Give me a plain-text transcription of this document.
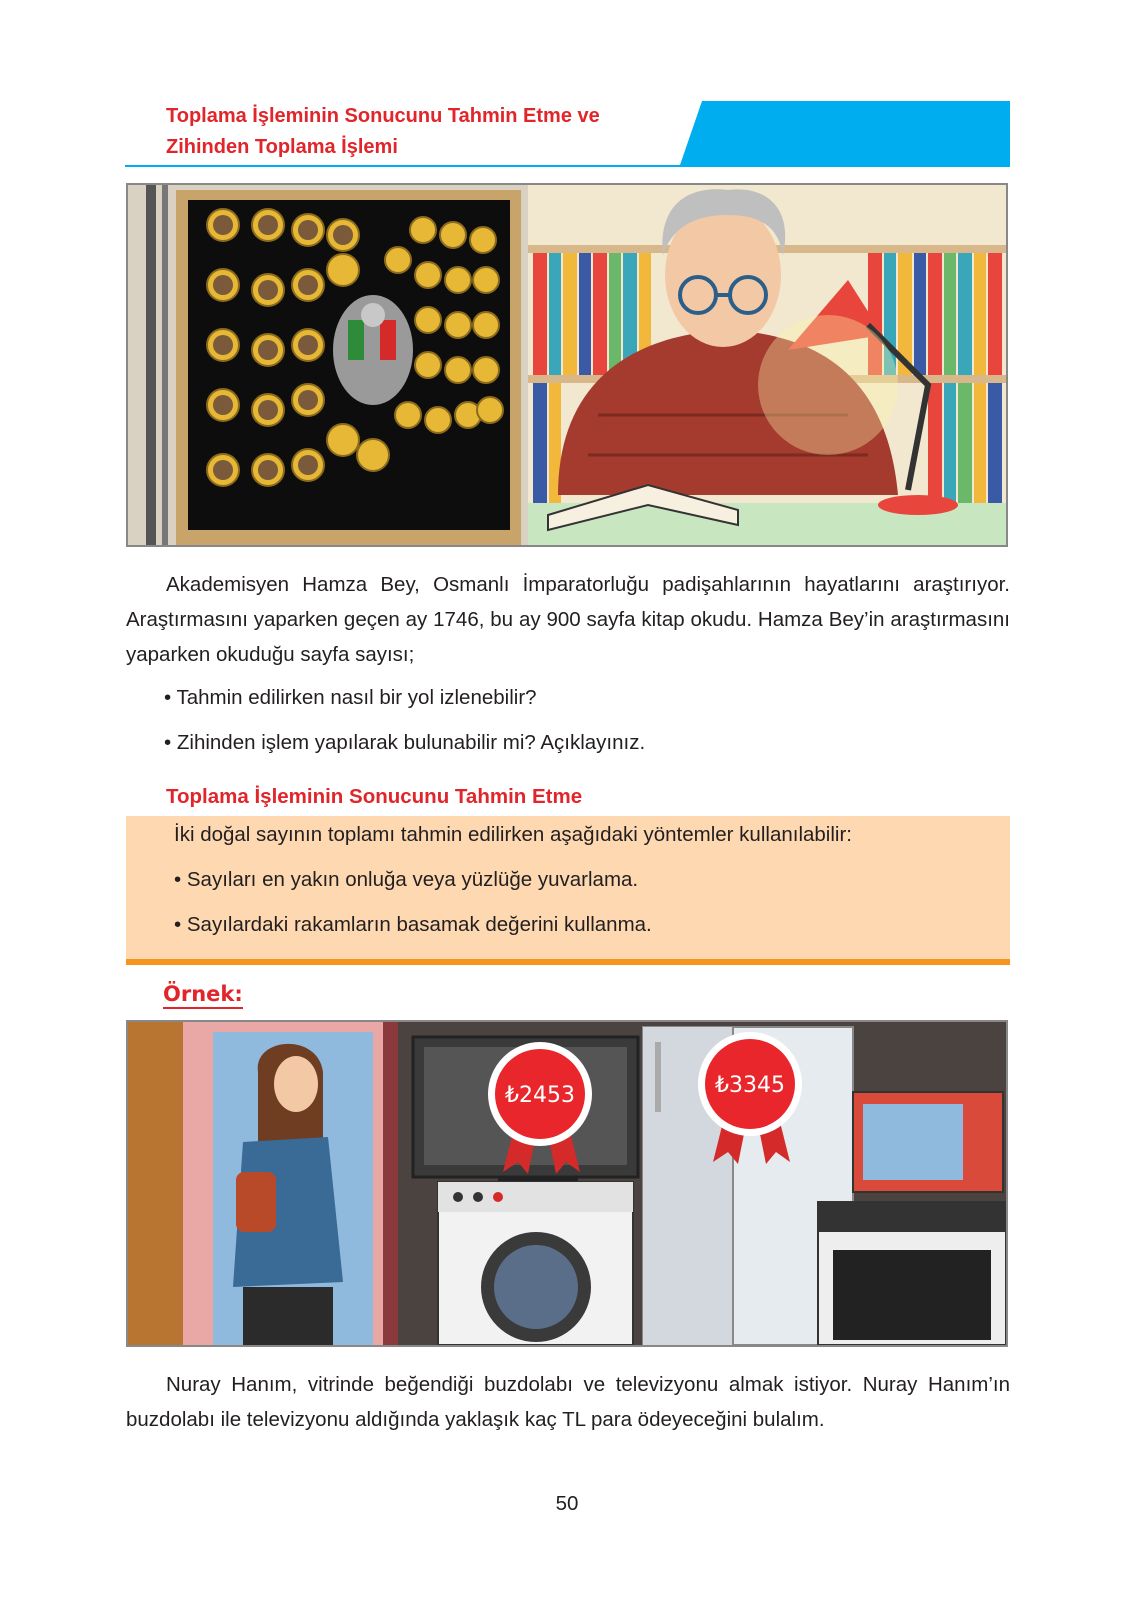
Toplama İşleminin Sonucunu Tahmin Etme ve
Zihinden Toplama İşlemi
Akademisyen Hamza Bey, Osmanlı İmparatorluğu padişahlarının hayatlarını araştırıyor. Araştırmasını yaparken geçen ay 1746, bu ay 900 sayfa kitap okudu. Hamza Bey’in araştırmasını yaparken okuduğu sayfa sayısı;
• Tahmin edilirken nasıl bir yol izlenebilir?
• Zihinden işlem yapılarak bulunabilir mi? Açıklayınız.
Toplama İşleminin Sonucunu Tahmin Etme
İki doğal sayının toplamı tahmin edilirken aşağıdaki yöntemler kullanılabilir:
• Sayıları en yakın onluğa veya yüzlüğe yuvarlama.
• Sayılardaki rakamların basamak değerini kullanma.
Örnek:
₺2453	₺3345
Nuray Hanım, vitrinde beğendiği buzdolabı ve televizyonu almak istiyor. Nuray Hanım’ın buzdolabı ile televizyonu aldığında yaklaşık kaç TL para ödeyeceğini bulalım.
50
